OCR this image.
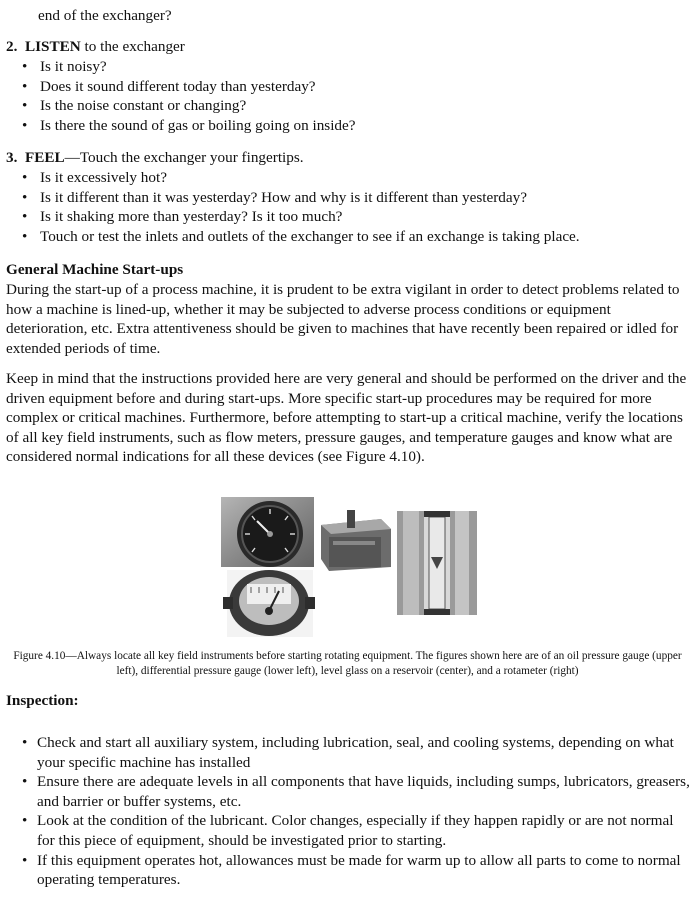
end of the exchanger?
2. LISTEN to the exchanger
• Is it noisy?
• Does it sound different today than yesterday?
• Is the noise constant or changing?
• Is there the sound of gas or boiling going on inside?
3. FEEL—Touch the exchanger your fingertips.
• Is it excessively hot?
• Is it different than it was yesterday? How and why is it different than yesterday?
• Is it shaking more than yesterday? Is it too much?
• Touch or test the inlets and outlets of the exchanger to see if an exchange is taking place.
General Machine Start-ups
During the start-up of a process machine, it is prudent to be extra vigilant in order to detect problems related to how a machine is lined-up, whether it may be subjected to adverse process conditions or equipment deterioration, etc. Extra attentiveness should be given to machines that have recently been repaired or idled for extended periods of time.
Keep in mind that the instructions provided here are very general and should be performed on the driver and the driven equipment before and during start-ups. More specific start-up procedures may be required for more complex or critical machines. Furthermore, before attempting to start-up a critical machine, verify the locations of all key field instruments, such as flow meters, pressure gauges, and temperature gauges and know what are considered normal indications for all these devices (see Figure 4.10).
Figure 4.10—Always locate all key field instruments before starting rotating equipment. The figures shown here are of an oil pressure gauge (upper left), differential pressure gauge (lower left), level glass on a reservoir (center), and a rotameter (right)
Inspection:
• Check and start all auxiliary system, including lubrication, seal, and cooling systems, depending on what your specific machine has installed
• Ensure there are adequate levels in all components that have liquids, including sumps, lubricators, greasers, and barrier or buffer systems, etc.
• Look at the condition of the lubricant. Color changes, especially if they happen rapidly or are not normal for this piece of equipment, should be investigated prior to starting.
• If this equipment operates hot, allowances must be made for warm up to allow all parts to come to normal operating temperatures.
